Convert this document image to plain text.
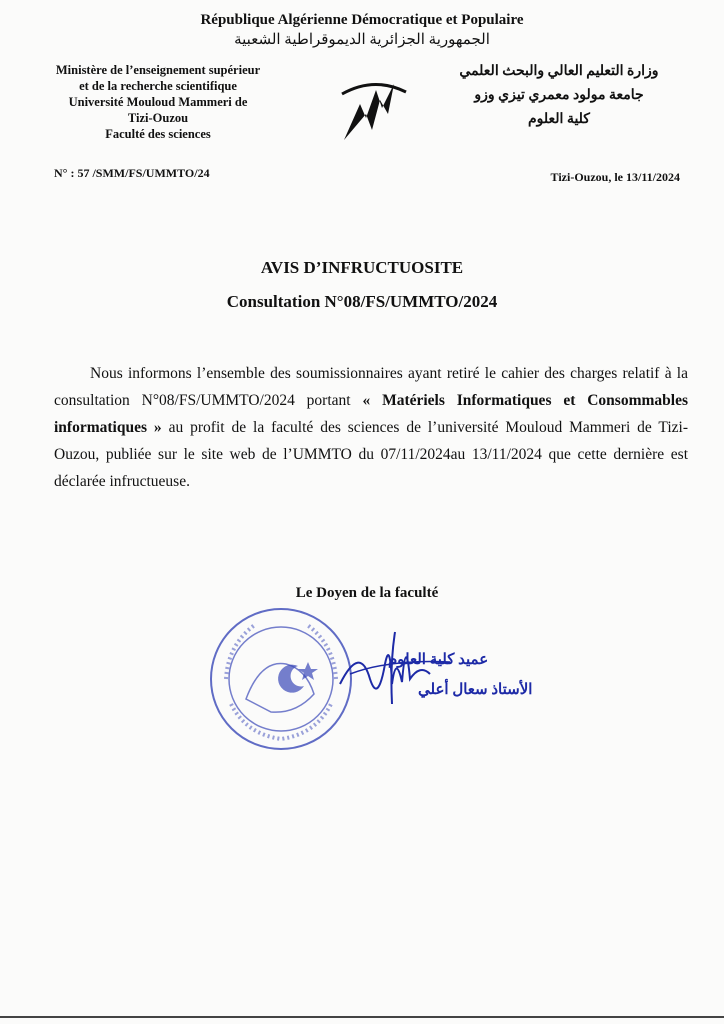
République Algérienne Démocratique et Populaire
الجمهورية الجزائرية الديموقراطية الشعبية
Ministère de l’enseignement supérieur
et de la recherche scientifique
Université Mouloud Mammeri de
Tizi-Ouzou
Faculté des sciences
وزارة التعليم العالي والبحث العلمي
جامعة مولود معمري تيزي وزو
كلية العلوم
N° : 57 /SMM/FS/UMMTO/24	Tizi-Ouzou, le 13/11/2024
AVIS D’INFRUCTUOSITE
Consultation N°08/FS/UMMTO/2024
Nous informons l’ensemble des soumissionnaires ayant retiré le cahier des charges relatif à la consultation N°08/FS/UMMTO/2024 portant « Matériels Informatiques et Consommables informatiques » au profit de la faculté des sciences de l’université Mouloud Mammeri de Tizi-Ouzou, publiée sur le site web de l’UMMTO du 07/11/2024au 13/11/2024 que cette dernière est déclarée infructueuse.
Le Doyen de la faculté
عميد كلية العلوم
الأستاذ سعال أعلي
